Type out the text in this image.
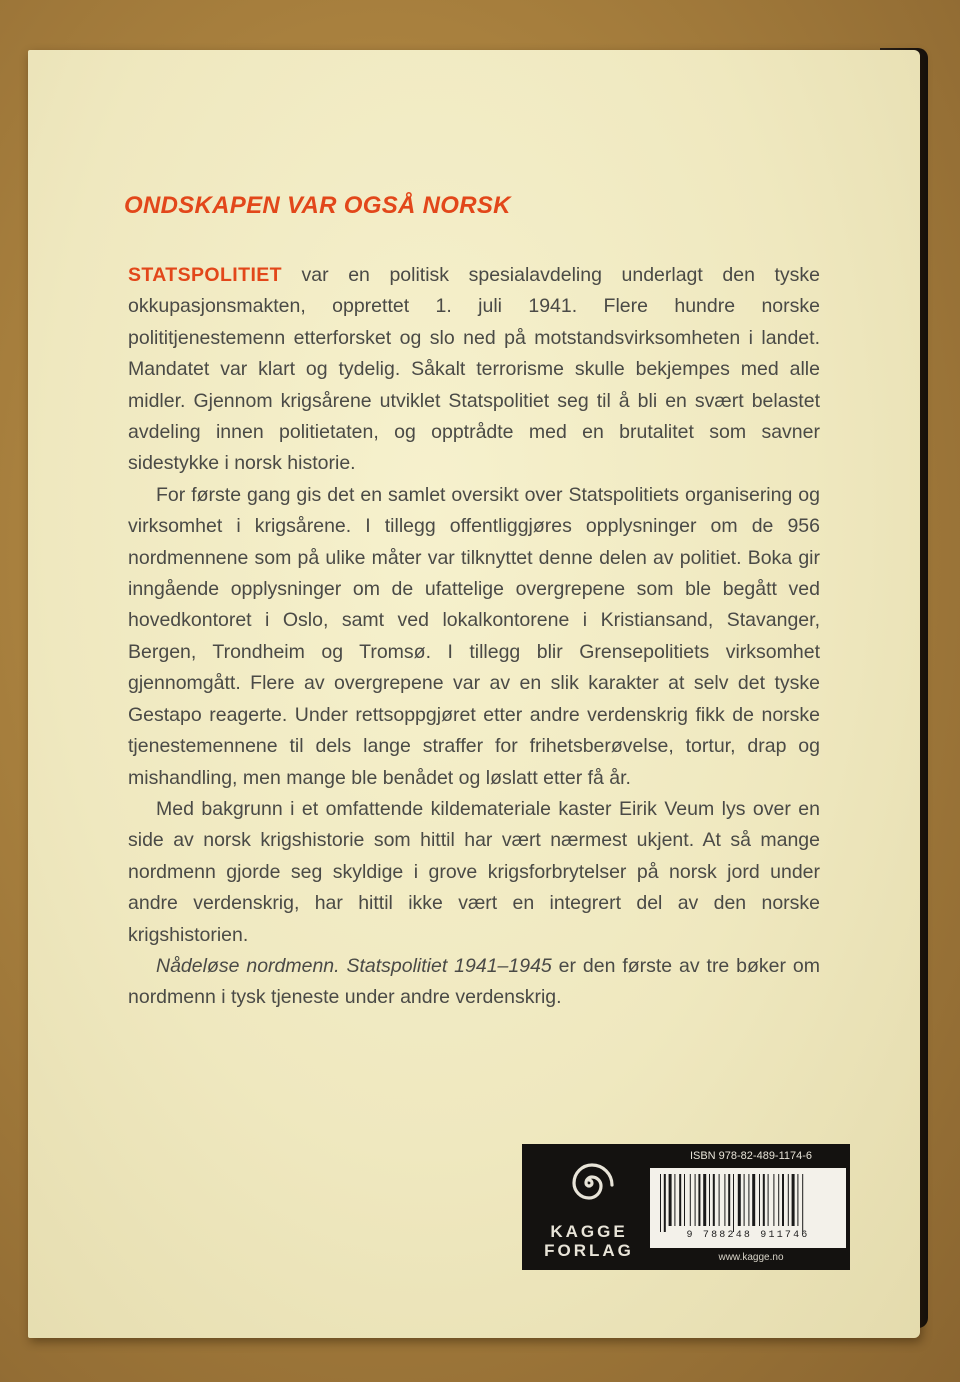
ONDSKAPEN VAR OGSÅ NORSK

STATSPOLITIET var en politisk spesialavdeling underlagt den tyske okkupasjonsmakten, opprettet 1. juli 1941. Flere hundre norske polititjenestemenn etterforsket og slo ned på motstandsvirksomheten i landet. Mandatet var klart og tydelig. Såkalt terrorisme skulle bekjempes med alle midler. Gjennom krigsårene utviklet Statspolitiet seg til å bli en svært belastet avdeling innen politietaten, og opptrådte med en brutalitet som savner sidestykke i norsk historie.

For første gang gis det en samlet oversikt over Statspolitiets organisering og virksomhet i krigsårene. I tillegg offentliggjøres opplysninger om de 956 nordmennene som på ulike måter var tilknyttet denne delen av politiet. Boka gir inngående opplysninger om de ufattelige overgrepene som ble begått ved hovedkontoret i Oslo, samt ved lokalkontorene i Kristiansand, Stavanger, Bergen, Trondheim og Tromsø. I tillegg blir Grensepolitiets virksomhet gjennomgått. Flere av overgrepene var av en slik karakter at selv det tyske Gestapo reagerte. Under rettsoppgjøret etter andre verdenskrig fikk de norske tjenestemennene til dels lange straffer for frihetsberøvelse, tortur, drap og mishandling, men mange ble benådet og løslatt etter få år.

Med bakgrunn i et omfattende kildemateriale kaster Eirik Veum lys over en side av norsk krigshistorie som hittil har vært nærmest ukjent. At så mange nordmenn gjorde seg skyldige i grove krigsforbrytelser på norsk jord under andre verdenskrig, har hittil ikke vært en integrert del av den norske krigshistorien.

Nådeløse nordmenn. Statspolitiet 1941–1945 er den første av tre bøker om nordmenn i tysk tjeneste under andre verdenskrig.

KAGGE
FORLAG
ISBN 978-82-489-1174-6
9 788248 911746
www.kagge.no
